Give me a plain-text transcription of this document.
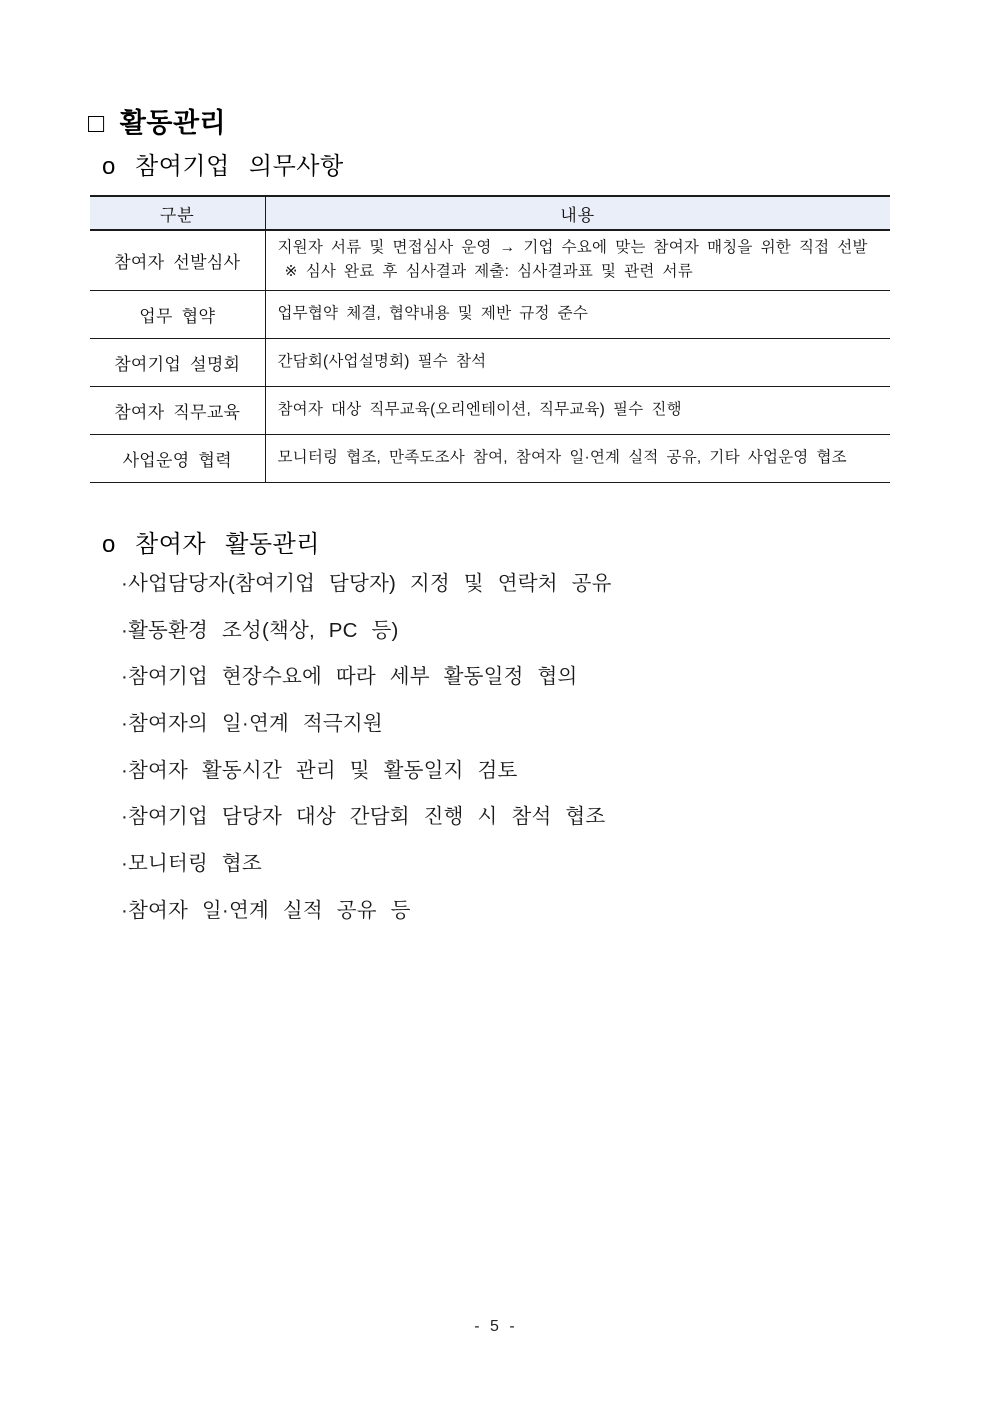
□ 활동관리
o 참여기업 의무사항
구분	내용
참여자 선발심사	지원자 서류 및 면접심사 운영 → 기업 수요에 맞는 참여자 매칭을 위한 직접 선발
※ 심사 완료 후 심사결과 제출: 심사결과표 및 관련 서류

업무 협약	업무협약 체결, 협약내용 및 제반 규정 준수

참여기업 설명회	간담회(사업설명회) 필수 참석

참여자 직무교육	참여자 대상 직무교육(오리엔테이션, 직무교육) 필수 진행

사업운영 협력	모니터링 협조, 만족도조사 참여, 참여자 일·연계 실적 공유, 기타 사업운영 협조
o 참여자 활동관리
·사업담당자(참여기업 담당자) 지정 및 연락처 공유
·활동환경 조성(책상, PC 등)
·참여기업 현장수요에 따라 세부 활동일정 협의
·참여자의 일·연계 적극지원
·참여자 활동시간 관리 및 활동일지 검토
·참여기업 담당자 대상 간담회 진행 시 참석 협조
·모니터링 협조
·참여자 일·연계 실적 공유 등
- 5 -
